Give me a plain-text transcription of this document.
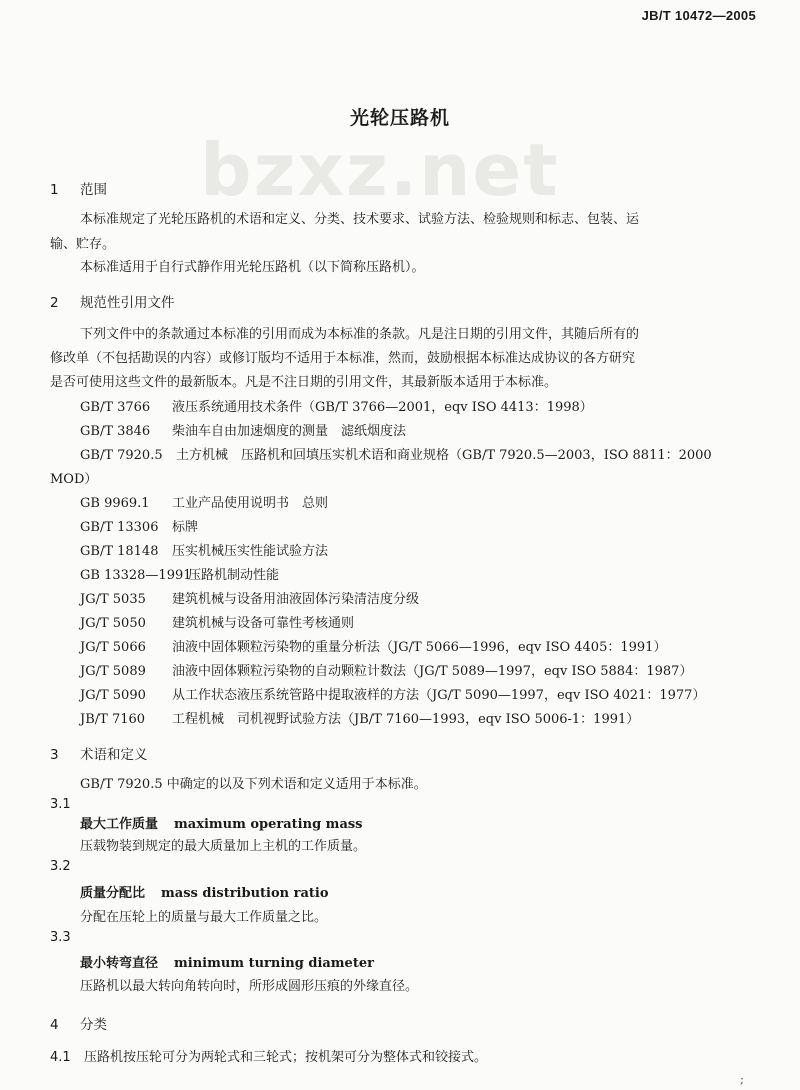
JB/T 10472—2005
bzxz.net
光轮压路机
1 范围
本标准规定了光轮压路机的术语和定义、分类、技术要求、试验方法、检验规则和标志、包装、运
输、贮存。
本标准适用于自行式静作用光轮压路机（以下简称压路机）。
2 规范性引用文件
下列文件中的条款通过本标准的引用而成为本标准的条款。凡是注日期的引用文件，其随后所有的
修改单（不包括勘误的内容）或修订版均不适用于本标准，然而，鼓励根据本标准达成协议的各方研究
是否可使用这些文件的最新版本。凡是不注日期的引用文件，其最新版本适用于本标准。
GB/T 3766 液压系统通用技术条件（GB/T 3766—2001，eqv ISO 4413：1998）
GB/T 3846 柴油车自由加速烟度的测量　滤纸烟度法
GB/T 7920.5 土方机械　压路机和回填压实机术语和商业规格（GB/T 7920.5—2003，ISO 8811：2000
MOD）
GB 9969.1 工业产品使用说明书　总则
GB/T 13306 标牌
GB/T 18148 压实机械压实性能试验方法
GB 13328—1991压路机制动性能
JG/T 5035 建筑机械与设备用油液固体污染清洁度分级
JG/T 5050 建筑机械与设备可靠性考核通则
JG/T 5066 油液中固体颗粒污染物的重量分析法（JG/T 5066—1996，eqv ISO 4405：1991）
JG/T 5089 油液中固体颗粒污染物的自动颗粒计数法（JG/T 5089—1997，eqv ISO 5884：1987）
JG/T 5090 从工作状态液压系统管路中提取液样的方法（JG/T 5090—1997，eqv ISO 4021：1977）
JB/T 7160 工程机械　司机视野试验方法（JB/T 7160—1993，eqv ISO 5006-1：1991）
3 术语和定义
GB/T 7920.5 中确定的以及下列术语和定义适用于本标准。
3.1
最大工作质量 maximum operating mass
压载物装到规定的最大质量加上主机的工作质量。
3.2
质量分配比 mass distribution ratio
分配在压轮上的质量与最大工作质量之比。
3.3
最小转弯直径 minimum turning diameter
压路机以最大转向角转向时，所形成圆形压痕的外缘直径。
4 分类
4.1 压路机按压轮可分为两轮式和三轮式；按机架可分为整体式和铰接式。
;
